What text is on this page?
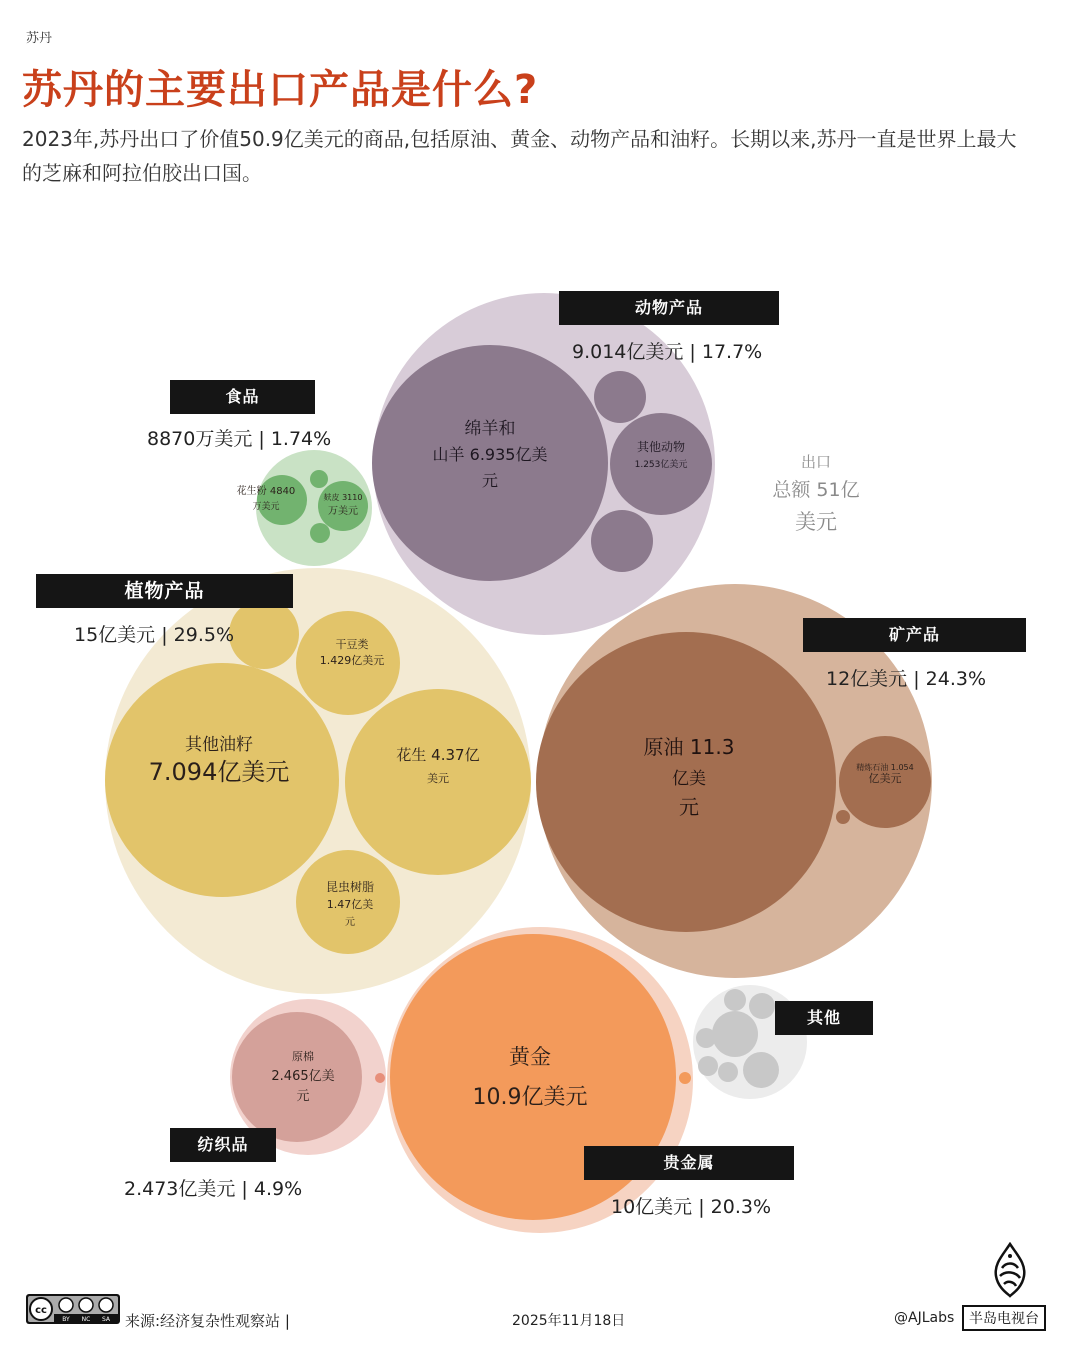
苏丹
苏丹的主要出口产品是什么?
2023年,苏丹出口了价值50.9亿美元的商品,包括原油、黄金、动物产品和油籽。长期以来,苏丹一直是世界上最大的芝麻和阿拉伯胶出口国。
绵羊和
山羊 6.935亿美
元
其他动物
1.253亿美元
花生粉 4840
万美元
麸皮 3110
万美元
其他油籽
7.094亿美元
花生 4.37亿
美元
干豆类
1.429亿美元
昆虫树脂
1.47亿美
元
原油 11.3
亿美
元
精炼石油 1.054
亿美元
原棉
2.465亿美
元
黄金
10.9亿美元
出口
总额 51亿
美元
动物产品
9.014亿美元 | 17.7%
食品
8870万美元 | 1.74%
植物产品
15亿美元 | 29.5%	矿产品
12亿美元 | 24.3%
纺织品
2.473亿美元 | 4.9%
贵金属
10亿美元 | 20.3%
其他
cc
BY NC SA 来源:经济复杂性观察站 |	2025年11月18日	@AJLabs	半岛电视台
